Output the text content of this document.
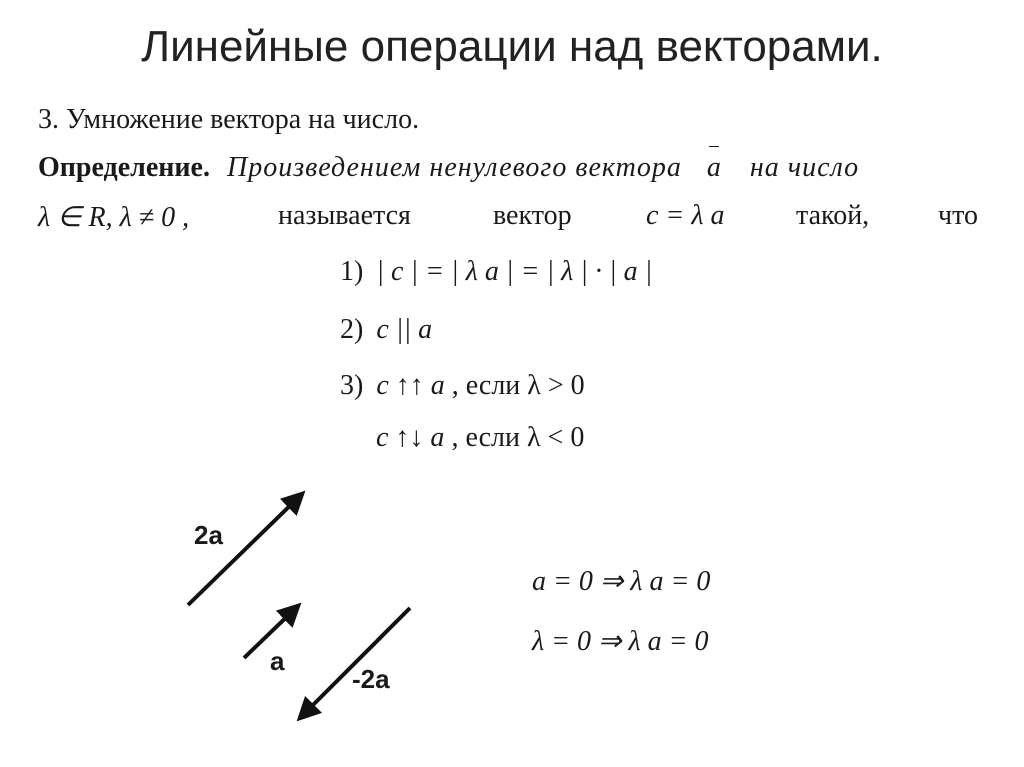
Линейные операции над векторами.
3. Умножение вектора на число.
Определение. Произведением ненулевого вектора a на число
λ ∈ R, λ ≠ 0 ,	называется	вектор	c = λ a	такой, что
1) | c | = | λ a | = | λ | · | a |
2) c || a
3) c ↑↑ a , если λ > 0
c ↑↓ a , если λ < 0
a = 0 ⇒ λ a = 0
λ = 0 ⇒ λ a = 0
2a
a
-2a
